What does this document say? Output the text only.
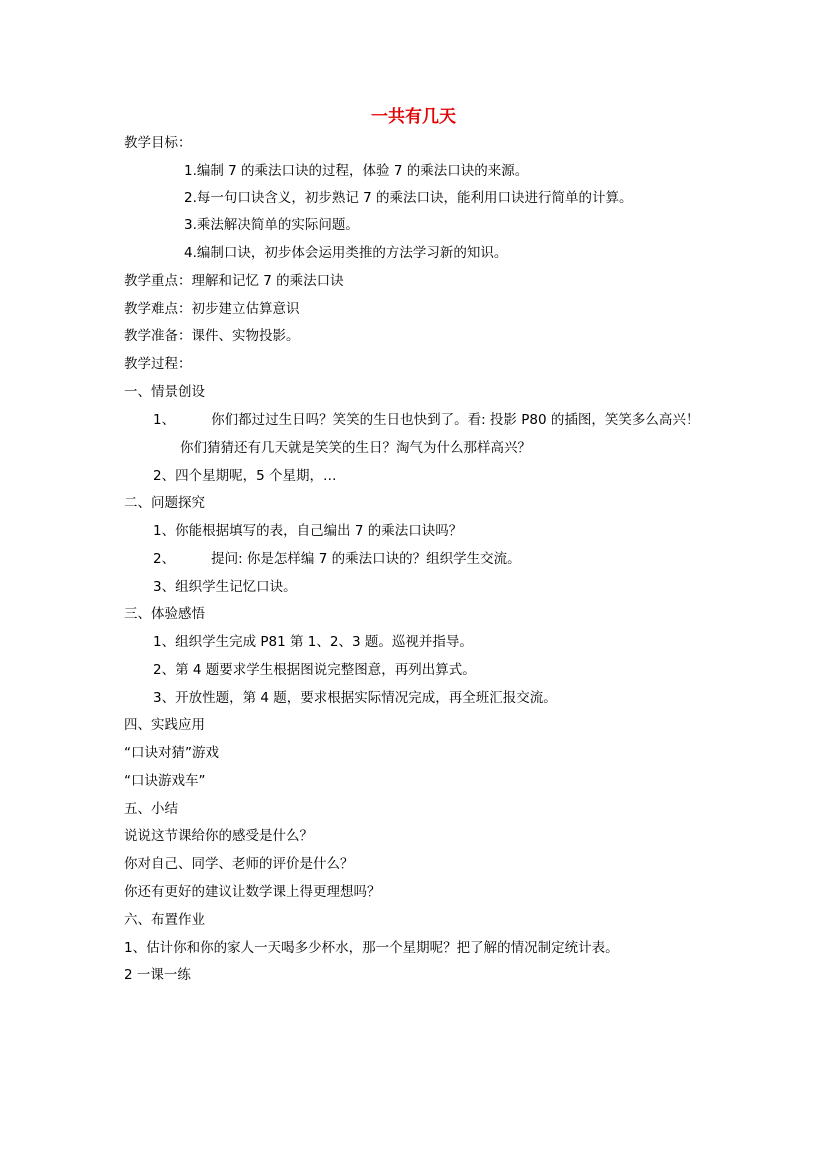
一共有几天
教学目标：
1.编制 7 的乘法口诀的过程，体验 7 的乘法口诀的来源。
2.每一句口诀含义，初步熟记 7 的乘法口诀，能利用口诀进行简单的计算。
3.乘法解决简单的实际问题。
4.编制口诀，初步体会运用类推的方法学习新的知识。
教学重点：理解和记忆 7 的乘法口诀
教学难点：初步建立估算意识
教学准备：课件、实物投影。
教学过程：
一、情景创设
1、	你们都过过生日吗？笑笑的生日也快到了。看: 投影 P80 的插图，笑笑多么高兴！
你们猜猜还有几天就是笑笑的生日？淘气为什么那样高兴？
2、四个星期呢，5 个星期，…
二、问题探究
1、你能根据填写的表，自己编出 7 的乘法口诀吗？
2、	提问: 你是怎样编 7 的乘法口诀的？组织学生交流。
3、组织学生记忆口诀。
三、体验感悟
1、组织学生完成 P81 第 1、2、3 题。巡视并指导。
2、第 4 题要求学生根据图说完整图意，再列出算式。
3、开放性题，第 4 题，要求根据实际情况完成，再全班汇报交流。
四、实践应用
“口诀对猜”游戏
“口诀游戏车”
五、小结
说说这节课给你的感受是什么？
你对自己、同学、老师的评价是什么？
你还有更好的建议让数学课上得更理想吗？
六、布置作业
1、估计你和你的家人一天喝多少杯水，那一个星期呢？把了解的情况制定统计表。
2 一课一练
